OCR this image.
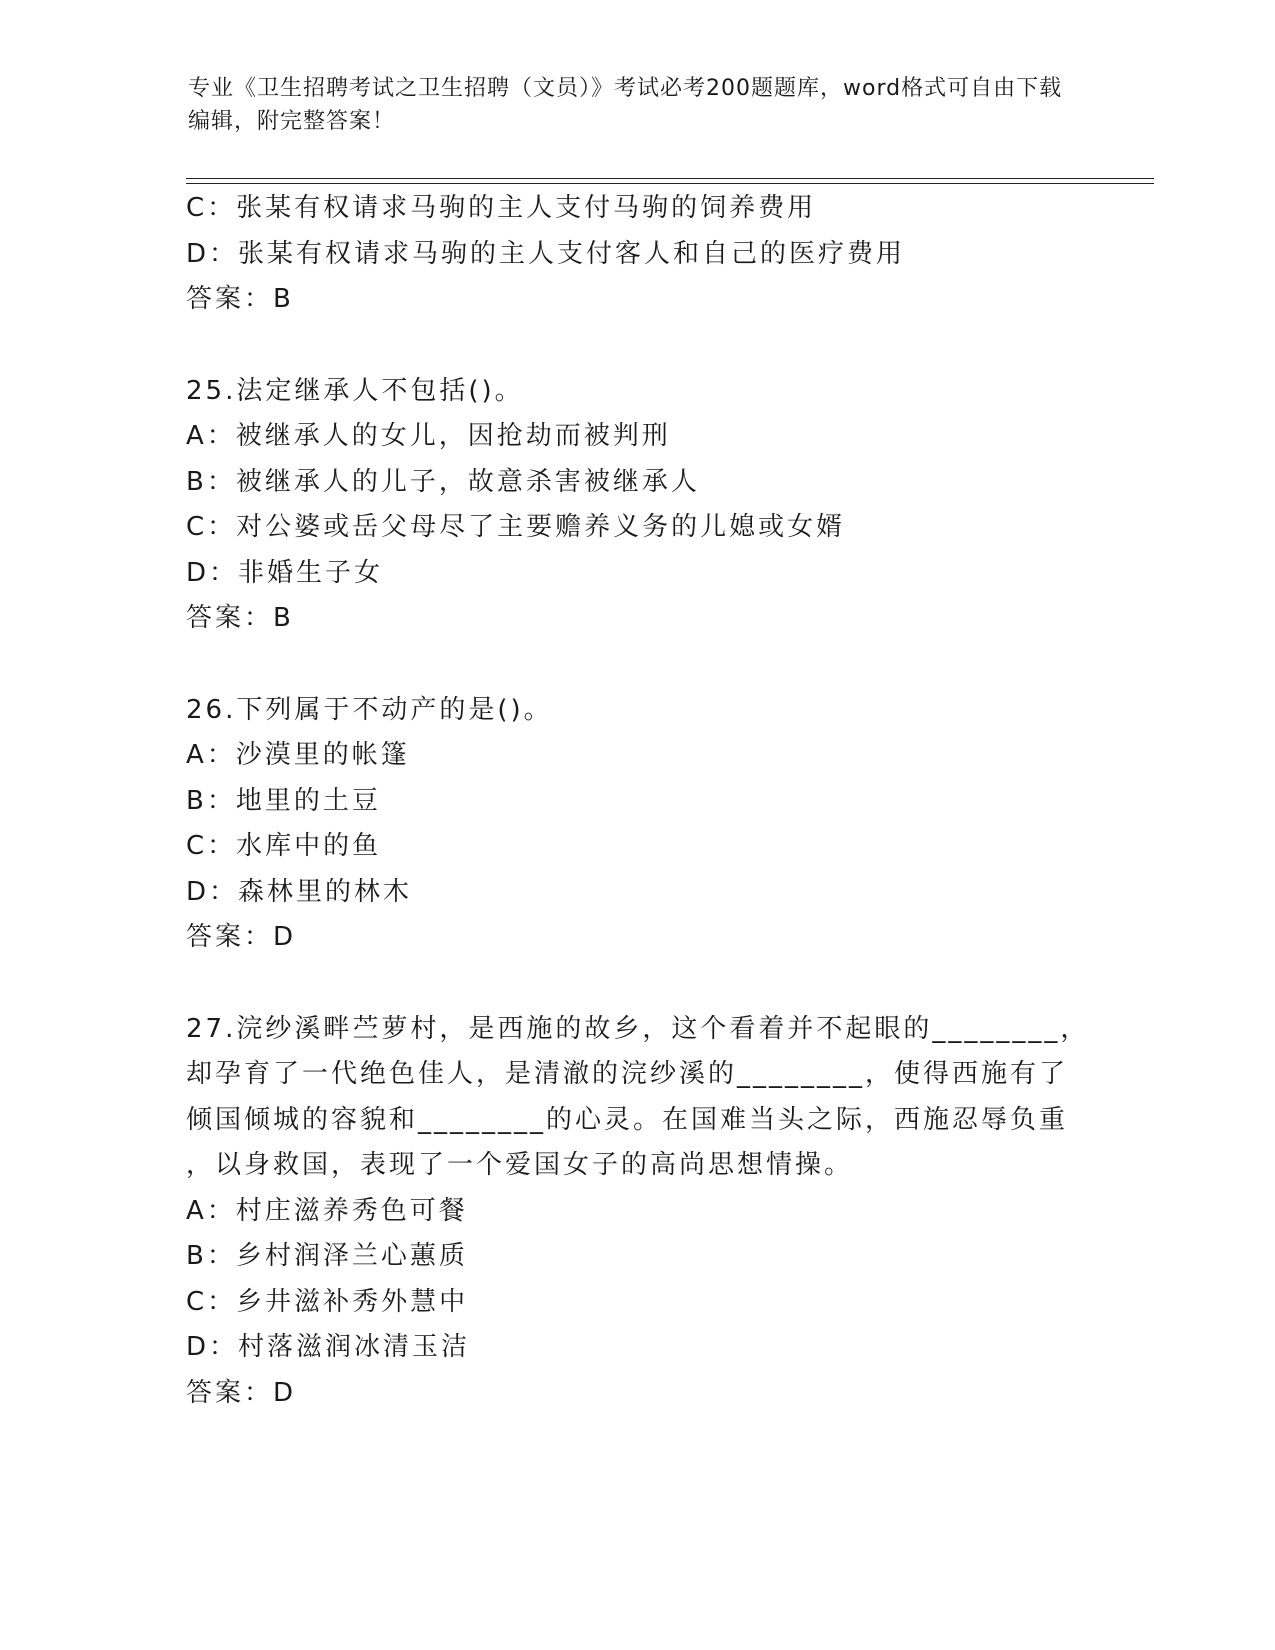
专业《卫生招聘考试之卫生招聘（文员）》考试必考200题题库，word格式可自由下载编辑，附完整答案！
C：张某有权请求马驹的主人支付马驹的饲养费用
D：张某有权请求马驹的主人支付客人和自己的医疗费用
答案：B
25.法定继承人不包括()。
A：被继承人的女儿，因抢劫而被判刑
B：被继承人的儿子，故意杀害被继承人
C：对公婆或岳父母尽了主要赡养义务的儿媳或女婿
D：非婚生子女
答案：B
26.下列属于不动产的是()。
A：沙漠里的帐篷
B：地里的土豆
C：水库中的鱼
D：森林里的林木
答案：D
27.浣纱溪畔苎萝村，是西施的故乡，这个看着并不起眼的________，
却孕育了一代绝色佳人，是清澈的浣纱溪的________，使得西施有了
倾国倾城的容貌和________的心灵。在国难当头之际，西施忍辱负重
，以身救国，表现了一个爱国女子的高尚思想情操。
A：村庄滋养秀色可餐
B：乡村润泽兰心蕙质
C：乡井滋补秀外慧中
D：村落滋润冰清玉洁
答案：D
